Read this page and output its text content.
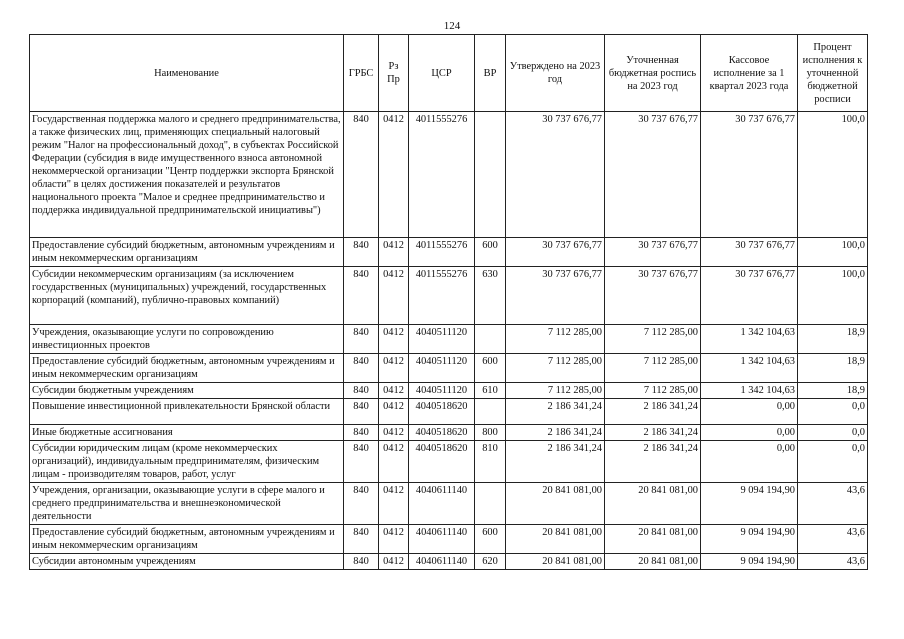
124
Наименование	ГРБС	Рз Пр	ЦСР	ВР	Утверждено на 2023 год	Уточненная бюджетная роспись на 2023 год	Кассовое исполнение за 1 квартал 2023 года	Процент исполнения к уточненной бюджетной росписи
Государственная поддержка малого и среднего предпринимательства, а также физических лиц, применяющих специальный налоговый режим "Налог на профессиональный доход", в субъектах Российской Федерации (субсидия в виде имущественного взноса автономной некоммерческой организации "Центр поддержки экспорта Брянской области" в целях достижения показателей и результатов национального проекта "Малое и среднее предпринимательство и поддержка индивидуальной предпринимательской инициативы")	840	0412	4011555276		30 737 676,77	30 737 676,77	30 737 676,77	100,0
Предоставление субсидий бюджетным, автономным учреждениям и иным некоммерческим организациям	840	0412	4011555276	600	30 737 676,77	30 737 676,77	30 737 676,77	100,0
Субсидии некоммерческим организациям (за исключением государственных (муниципальных) учреждений, государственных корпораций (компаний), публично-правовых компаний)	840	0412	4011555276	630	30 737 676,77	30 737 676,77	30 737 676,77	100,0
Учреждения, оказывающие услуги по сопровождению инвестиционных проектов	840	0412	4040511120		7 112 285,00	7 112 285,00	1 342 104,63	18,9
Предоставление субсидий бюджетным, автономным учреждениям и иным некоммерческим организациям	840	0412	4040511120	600	7 112 285,00	7 112 285,00	1 342 104,63	18,9
Субсидии бюджетным учреждениям	840	0412	4040511120	610	7 112 285,00	7 112 285,00	1 342 104,63	18,9
Повышение инвестиционной привлекательности Брянской области	840	0412	4040518620		2 186 341,24	2 186 341,24	0,00	0,0
Иные бюджетные ассигнования	840	0412	4040518620	800	2 186 341,24	2 186 341,24	0,00	0,0
Субсидии юридическим лицам (кроме некоммерческих организаций), индивидуальным предпринимателям, физическим лицам - производителям товаров, работ, услуг	840	0412	4040518620	810	2 186 341,24	2 186 341,24	0,00	0,0
Учреждения, организации, оказывающие услуги в сфере малого и среднего предпринимательства и внешнеэкономической деятельности	840	0412	4040611140		20 841 081,00	20 841 081,00	9 094 194,90	43,6
Предоставление субсидий бюджетным, автономным учреждениям и иным некоммерческим организациям	840	0412	4040611140	600	20 841 081,00	20 841 081,00	9 094 194,90	43,6
Субсидии автономным учреждениям	840	0412	4040611140	620	20 841 081,00	20 841 081,00	9 094 194,90	43,6
